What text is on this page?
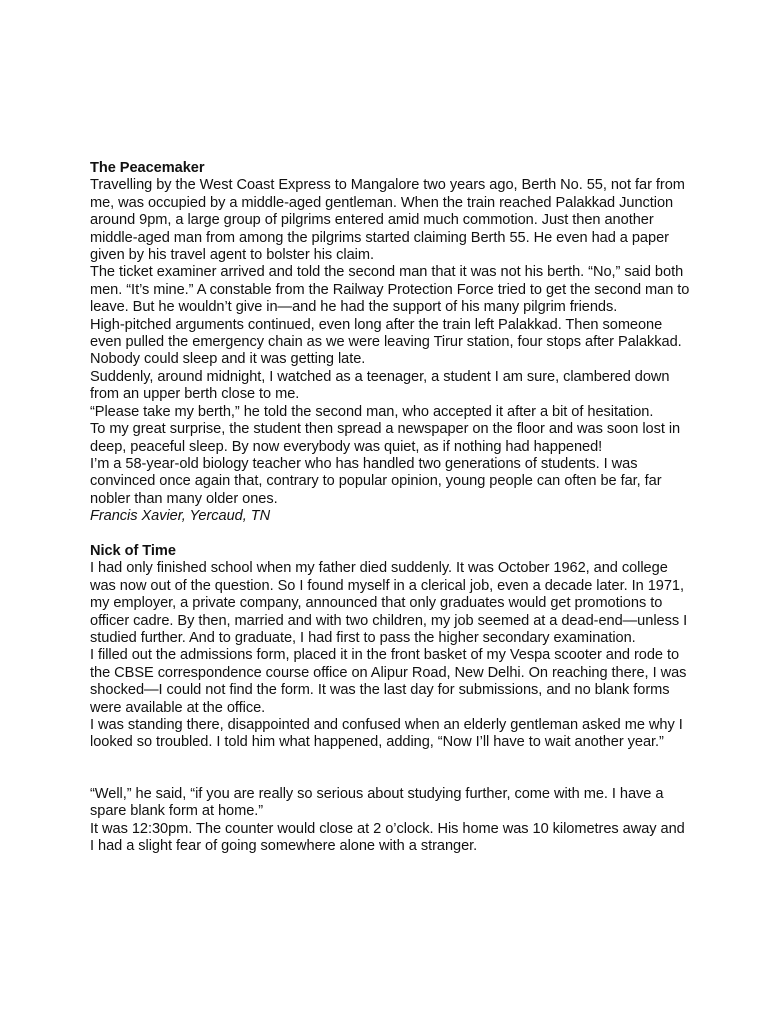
The Peacemaker

Travelling by the West Coast Express to Mangalore two years ago, Berth No. 55, not far from me, was occupied by a middle-aged gentleman. When the train reached Palakkad Junction around 9pm, a large group of pilgrims entered amid much commotion. Just then another middle-aged man from among the pilgrims started claiming Berth 55. He even had a paper given by his travel agent to bolster his claim.

The ticket examiner arrived and told the second man that it was not his berth. “No,” said both men. “It’s mine.” A constable from the Railway Protection Force tried to get the second man to leave. But he wouldn’t give in—and he had the support of his many pilgrim friends.

High-pitched arguments continued, even long after the train left Palakkad. Then someone even pulled the emergency chain as we were leaving Tirur station, four stops after Palakkad. Nobody could sleep and it was getting late.

Suddenly, around midnight, I watched as a teenager, a student I am sure, clambered down from an upper berth close to me.

“Please take my berth,” he told the second man, who accepted it after a bit of hesitation.

To my great surprise, the student then spread a newspaper on the floor and was soon lost in deep, peaceful sleep. By now everybody was quiet, as if nothing had happened!

I’m a 58-year-old biology teacher who has handled two generations of students. I was convinced once again that, contrary to popular opinion, young people can often be far, far nobler than many older ones.

Francis Xavier, Yercaud, TN

Nick of Time

I had only finished school when my father died suddenly. It was October 1962, and college was now out of the question. So I found myself in a clerical job, even a decade later. In 1971, my employer, a private company, announced that only graduates would get promotions to officer cadre. By then, married and with two children, my job seemed at a dead-end—unless I studied further. And to graduate, I had first to pass the higher secondary examination.

I filled out the admissions form, placed it in the front basket of my Vespa scooter and rode to the CBSE correspondence course office on Alipur Road, New Delhi. On reaching there, I was shocked—I could not find the form. It was the last day for submissions, and no blank forms were available at the office.

I was standing there, disappointed and confused when an elderly gentleman asked me why I looked so troubled. I told him what happened, adding, “Now I’ll have to wait another year.”

“Well,” he said, “if you are really so serious about studying further, come with me. I have a spare blank form at home.”

It was 12:30pm. The counter would close at 2 o’clock. His home was 10 kilometres away and I had a slight fear of going somewhere alone with a stranger.
